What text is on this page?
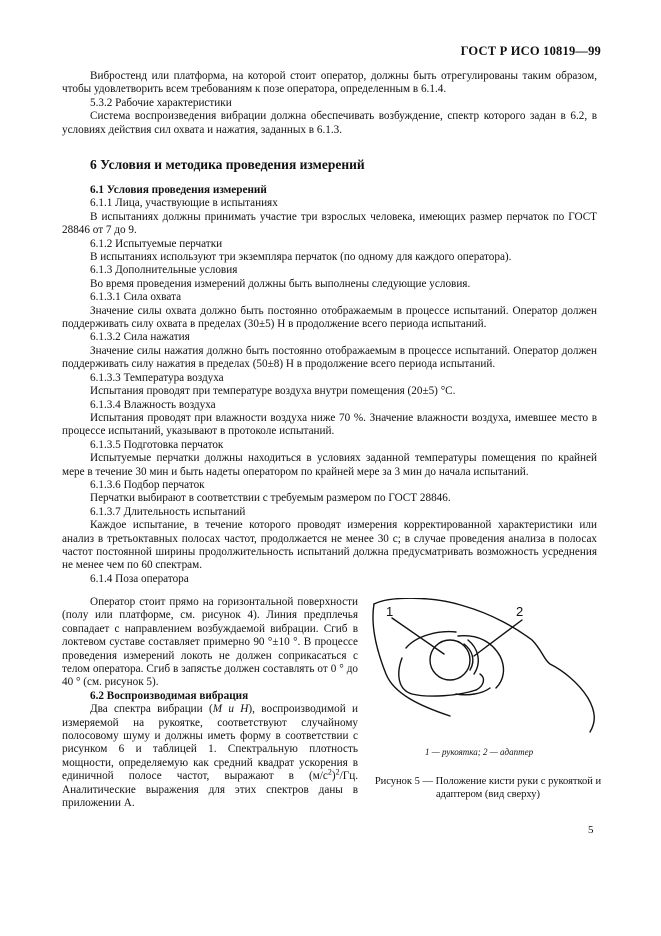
ГОСТ Р ИСО 10819—99

Вибростенд или платформа, на которой стоит оператор, должны быть отрегулированы таким образом, чтобы удовлетворить всем требованиям к позе оператора, определенным в 6.1.4.

5.3.2 Рабочие характеристики

Система воспроизведения вибрации должна обеспечивать возбуждение, спектр которого задан в 6.2, в условиях действия сил охвата и нажатия, заданных в 6.1.3.

6 Условия и методика проведения измерений

6.1 Условия проведения измерений

6.1.1 Лица, участвующие в испытаниях

В испытаниях должны принимать участие три взрослых человека, имеющих размер перчаток по ГОСТ 28846 от 7 до 9.

6.1.2 Испытуемые перчатки

В испытаниях используют три экземпляра перчаток (по одному для каждого оператора).

6.1.3 Дополнительные условия

Во время проведения измерений должны быть выполнены следующие условия.

6.1.3.1 Сила охвата

Значение силы охвата должно быть постоянно отображаемым в процессе испытаний. Оператор должен поддерживать силу охвата в пределах (30±5) Н в продолжение всего периода испытаний.

6.1.3.2 Сила нажатия

Значение силы нажатия должно быть постоянно отображаемым в процессе испытаний. Оператор должен поддерживать силу нажатия в пределах (50±8) Н в продолжение всего периода испытаний.

6.1.3.3 Температура воздуха

Испытания проводят при температуре воздуха внутри помещения (20±5) °С.

6.1.3.4 Влажность воздуха

Испытания проводят при влажности воздуха ниже 70 %. Значение влажности воздуха, имевшее место в процессе испытаний, указывают в протоколе испытаний.

6.1.3.5 Подготовка перчаток

Испытуемые перчатки должны находиться в условиях заданной температуры помещения по крайней мере в течение 30 мин и быть надеты оператором по крайней мере за 3 мин до начала испытаний.

6.1.3.6 Подбор перчаток

Перчатки выбирают в соответствии с требуемым размером по ГОСТ 28846.

6.1.3.7 Длительность испытаний

Каждое испытание, в течение которого проводят измерения корректированной характеристики или анализ в третьоктавных полосах частот, продолжается не менее 30 с; в случае проведения анализа в полосах частот постоянной ширины продолжительность испытаний должна предусматривать возможность усреднения не менее чем по 60 спектрам.

6.1.4 Поза оператора

Оператор стоит прямо на горизонтальной поверхности (полу или платформе, см. рисунок 4). Линия предплечья совпадает с направлением возбуждаемой вибрации. Сгиб в локтевом суставе составляет примерно 90 °±10 °. В процессе проведения измерений локоть не должен соприкасаться с телом оператора. Сгиб в запястье должен составлять от 0 ° до 40 ° (см. рисунок 5).

6.2 Воспроизводимая вибрация

Два спектра вибрации (M и H), воспроизводимой и измеряемой на рукоятке, соответствуют случайному полосовому шуму и должны иметь форму в соответствии с рисунком 6 и таблицей 1. Спектральную плотность мощности, определяемую как средний квадрат ускорения в единичной полосе частот, выражают в $(м/с^2)^2/Гц$. Аналитические выражения для этих спектров даны в приложении А.

1	2
1 — рукоятка; 2 — адаптер
Рисунок 5 — Положение кисти руки с рукояткой и адаптером (вид сверху)
5
